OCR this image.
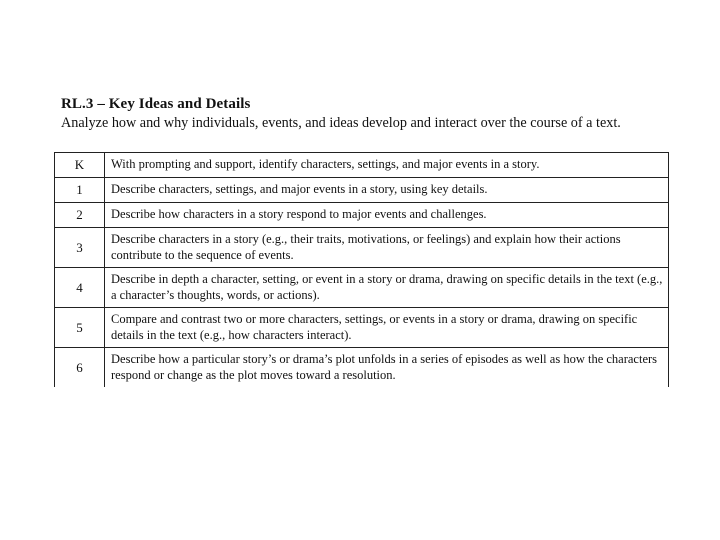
RL.3 – Key Ideas and Details
Analyze how and why individuals, events, and ideas develop and interact over the course of a text.
K	With prompting and support, identify characters, settings, and major events in a story.
1	Describe characters, settings, and major events in a story, using key details.
2	Describe how characters in a story respond to major events and challenges.
3	Describe characters in a story (e.g., their traits, motivations, or feelings) and explain how their actions contribute to the sequence of events.
4	Describe in depth a character, setting, or event in a story or drama, drawing on specific details in the text (e.g., a character’s thoughts, words, or actions).
5	Compare and contrast two or more characters, settings, or events in a story or drama, drawing on specific details in the text (e.g., how characters interact).
6	Describe how a particular story’s or drama’s plot unfolds in a series of episodes as well as how the characters respond or change as the plot moves toward a resolution.
